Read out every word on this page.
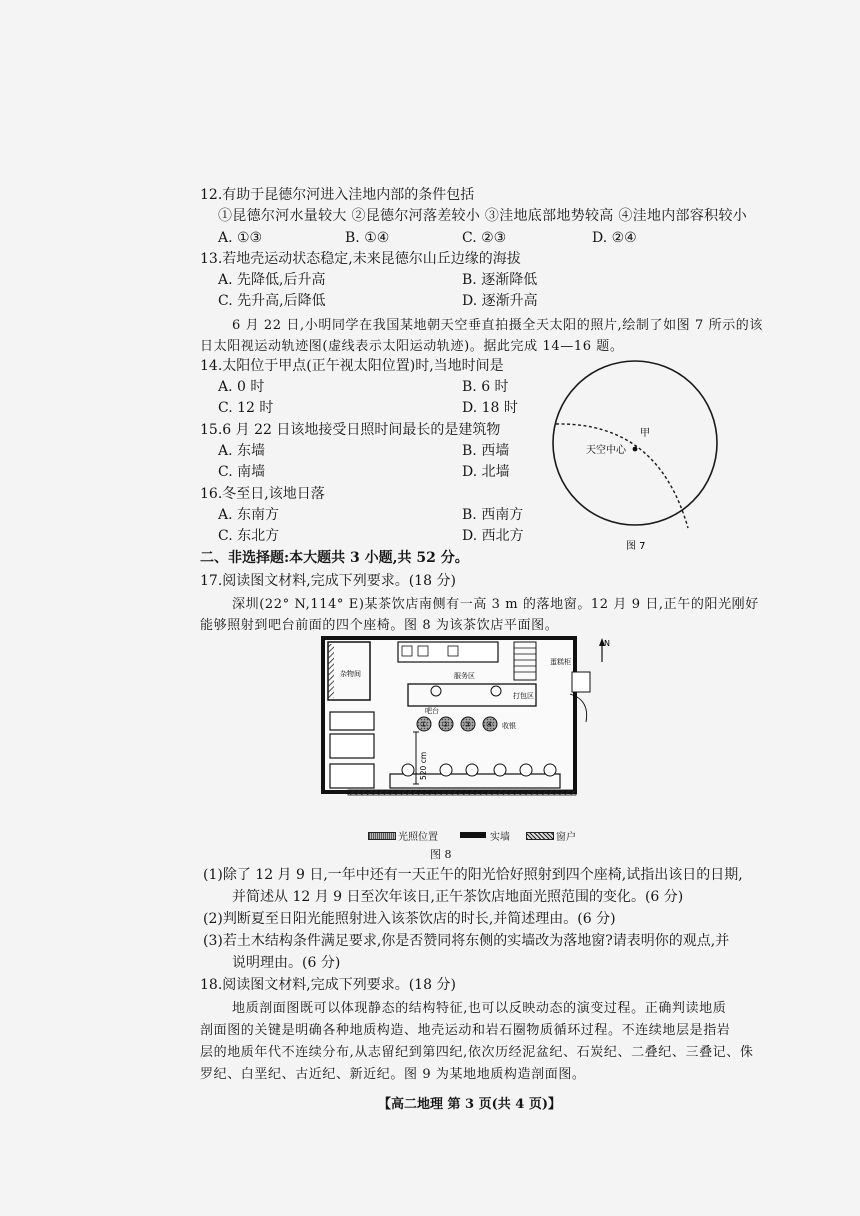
12.有助于昆德尔河进入洼地内部的条件包括
①昆德尔河水量较大 ②昆德尔河落差较小 ③洼地底部地势较高 ④洼地内部容积较小
A. ①③	B. ①④	C. ②③	D. ②④
13.若地壳运动状态稳定,未来昆德尔山丘边缘的海拔
A. 先降低,后升高	B. 逐渐降低
C. 先升高,后降低	D. 逐渐升高
6 月 22 日,小明同学在我国某地朝天空垂直拍摄全天太阳的照片,绘制了如图 7 所示的该
日太阳视运动轨迹图(虚线表示太阳运动轨迹)。据此完成 14—16 题。
14.太阳位于甲点(正午视太阳位置)时,当地时间是
A. 0 时	B. 6 时
C. 12 时	D. 18 时
15.6 月 22 日该地接受日照时间最长的是建筑物
A. 东墙	B. 西墙
C. 南墙	D. 北墙
16.冬至日,该地日落
A. 东南方	B. 西南方
C. 东北方	D. 西北方
天空中心
甲
图 7
二、非选择题:本大题共 3 小题,共 52 分。
17.阅读图文材料,完成下列要求。(18 分)
深圳(22° N,114° E)某茶饮店南侧有一高 3 m 的落地窗。12 月 9 日,正午的阳光刚好
能够照射到吧台前面的四个座椅。图 8 为该茶饮店平面图。
杂物间	服务区
吧台
打包区
收银
① ② ③ ④
520 cm
蛋糕柜
N
光照位置	实墙	窗户
图 8
(1)除了 12 月 9 日,一年中还有一天正午的阳光恰好照射到四个座椅,试指出该日的日期,
并简述从 12 月 9 日至次年该日,正午茶饮店地面光照范围的变化。(6 分)
(2)判断夏至日阳光能照射进入该茶饮店的时长,并简述理由。(6 分)
(3)若土木结构条件满足要求,你是否赞同将东侧的实墙改为落地窗?请表明你的观点,并
说明理由。(6 分)
18.阅读图文材料,完成下列要求。(18 分)
地质剖面图既可以体现静态的结构特征,也可以反映动态的演变过程。正确判读地质
剖面图的关键是明确各种地质构造、地壳运动和岩石圈物质循环过程。不连续地层是指岩
层的地质年代不连续分布,从志留纪到第四纪,依次历经泥盆纪、石炭纪、二叠纪、三叠记、侏
罗纪、白垩纪、古近纪、新近纪。图 9 为某地地质构造剖面图。
【高二地理 第 3 页(共 4 页)】
